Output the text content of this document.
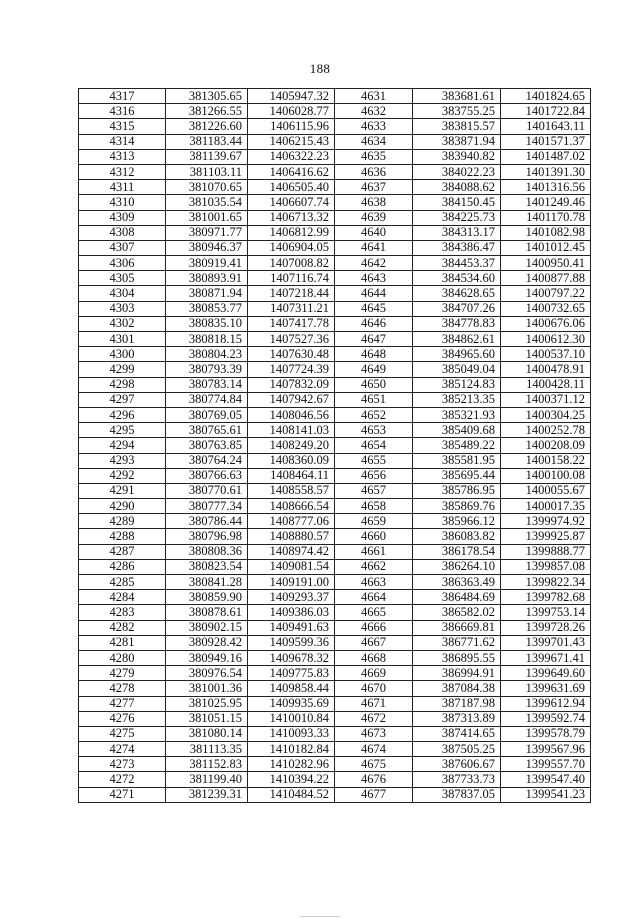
188
4317	381305.65	1405947.32	4631	383681.61	1401824.65
4316	381266.55	1406028.77	4632	383755.25	1401722.84
4315	381226.60	1406115.96	4633	383815.57	1401643.11
4314	381183.44	1406215.43	4634	383871.94	1401571.37
4313	381139.67	1406322.23	4635	383940.82	1401487.02
4312	381103.11	1406416.62	4636	384022.23	1401391.30
4311	381070.65	1406505.40	4637	384088.62	1401316.56
4310	381035.54	1406607.74	4638	384150.45	1401249.46
4309	381001.65	1406713.32	4639	384225.73	1401170.78
4308	380971.77	1406812.99	4640	384313.17	1401082.98
4307	380946.37	1406904.05	4641	384386.47	1401012.45
4306	380919.41	1407008.82	4642	384453.37	1400950.41
4305	380893.91	1407116.74	4643	384534.60	1400877.88
4304	380871.94	1407218.44	4644	384628.65	1400797.22
4303	380853.77	1407311.21	4645	384707.26	1400732.65
4302	380835.10	1407417.78	4646	384778.83	1400676.06
4301	380818.15	1407527.36	4647	384862.61	1400612.30
4300	380804.23	1407630.48	4648	384965.60	1400537.10
4299	380793.39	1407724.39	4649	385049.04	1400478.91
4298	380783.14	1407832.09	4650	385124.83	1400428.11
4297	380774.84	1407942.67	4651	385213.35	1400371.12
4296	380769.05	1408046.56	4652	385321.93	1400304.25
4295	380765.61	1408141.03	4653	385409.68	1400252.78
4294	380763.85	1408249.20	4654	385489.22	1400208.09
4293	380764.24	1408360.09	4655	385581.95	1400158.22
4292	380766.63	1408464.11	4656	385695.44	1400100.08
4291	380770.61	1408558.57	4657	385786.95	1400055.67
4290	380777.34	1408666.54	4658	385869.76	1400017.35
4289	380786.44	1408777.06	4659	385966.12	1399974.92
4288	380796.98	1408880.57	4660	386083.82	1399925.87
4287	380808.36	1408974.42	4661	386178.54	1399888.77
4286	380823.54	1409081.54	4662	386264.10	1399857.08
4285	380841.28	1409191.00	4663	386363.49	1399822.34
4284	380859.90	1409293.37	4664	386484.69	1399782.68
4283	380878.61	1409386.03	4665	386582.02	1399753.14
4282	380902.15	1409491.63	4666	386669.81	1399728.26
4281	380928.42	1409599.36	4667	386771.62	1399701.43
4280	380949.16	1409678.32	4668	386895.55	1399671.41
4279	380976.54	1409775.83	4669	386994.91	1399649.60
4278	381001.36	1409858.44	4670	387084.38	1399631.69
4277	381025.95	1409935.69	4671	387187.98	1399612.94
4276	381051.15	1410010.84	4672	387313.89	1399592.74
4275	381080.14	1410093.33	4673	387414.65	1399578.79
4274	381113.35	1410182.84	4674	387505.25	1399567.96
4273	381152.83	1410282.96	4675	387606.67	1399557.70
4272	381199.40	1410394.22	4676	387733.73	1399547.40
4271	381239.31	1410484.52	4677	387837.05	1399541.23
